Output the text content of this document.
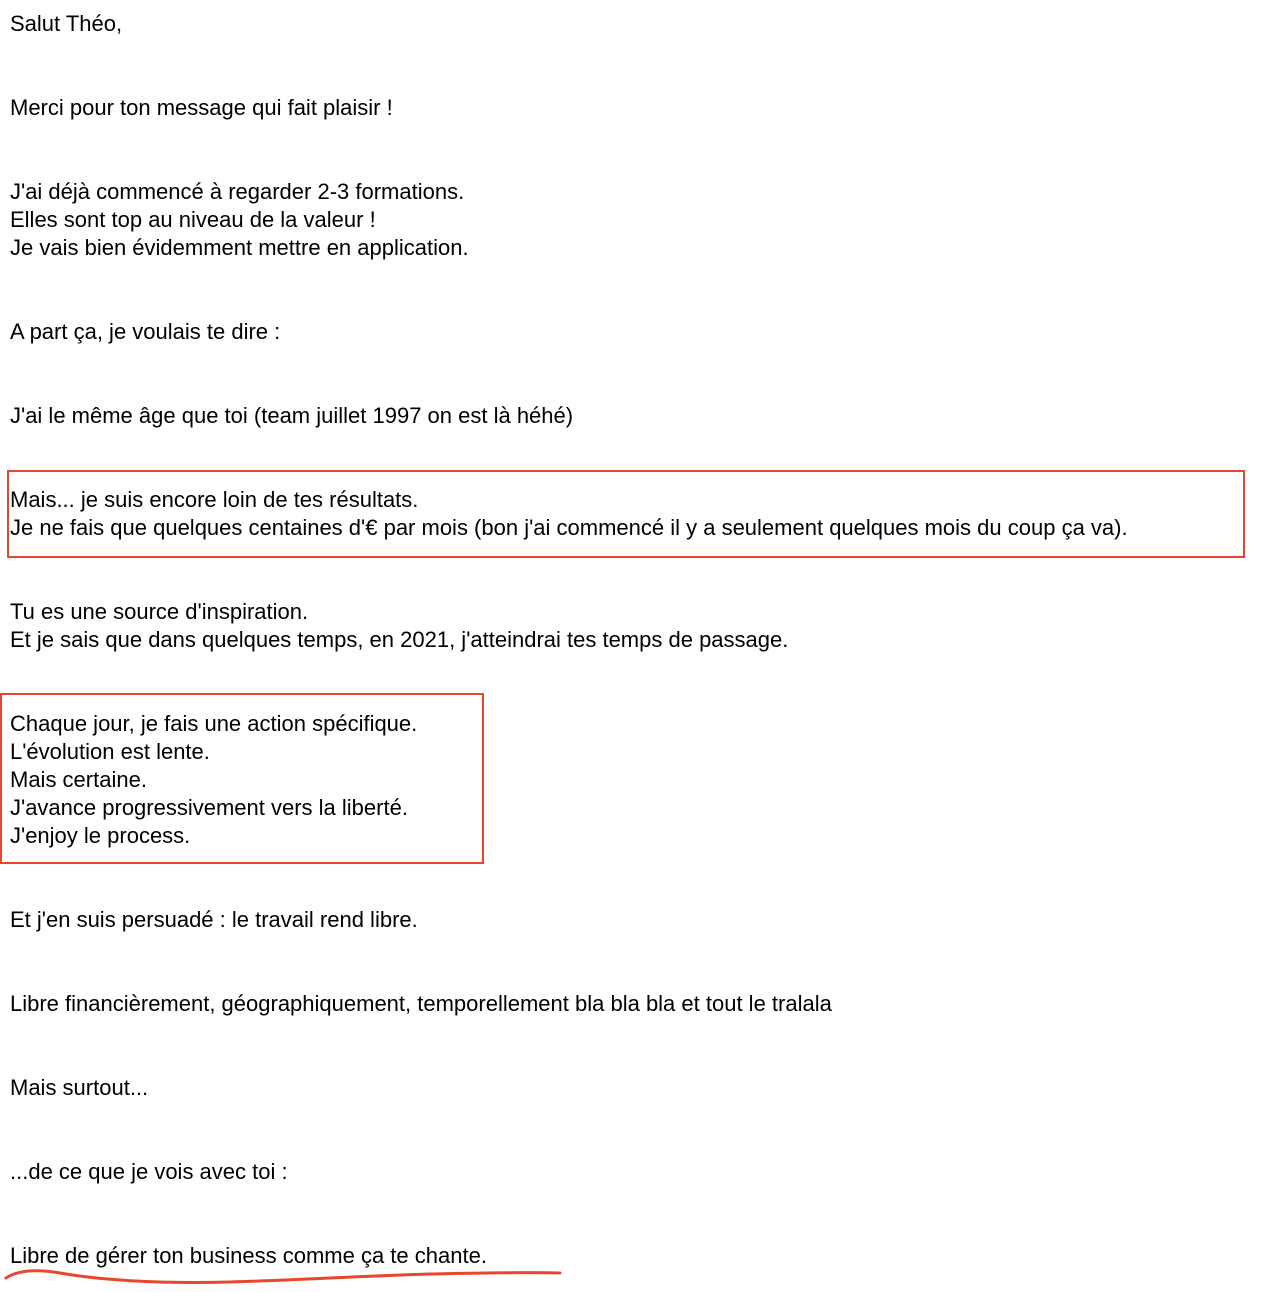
Salut Théo,
Merci pour ton message qui fait plaisir !
J'ai déjà commencé à regarder 2-3 formations.
Elles sont top au niveau de la valeur !
Je vais bien évidemment mettre en application.
A part ça, je voulais te dire :
J'ai le même âge que toi (team juillet 1997 on est là héhé)
Mais... je suis encore loin de tes résultats.
Je ne fais que quelques centaines d'€ par mois (bon j'ai commencé il y a seulement quelques mois du coup ça va).
Tu es une source d'inspiration.
Et je sais que dans quelques temps, en 2021, j'atteindrai tes temps de passage.
Chaque jour, je fais une action spécifique.
L'évolution est lente.
Mais certaine.
J'avance progressivement vers la liberté.
J'enjoy le process.
Et j'en suis persuadé : le travail rend libre.
Libre financièrement, géographiquement, temporellement bla bla bla et tout le tralala
Mais surtout...
...de ce que je vois avec toi :
Libre de gérer ton business comme ça te chante.
